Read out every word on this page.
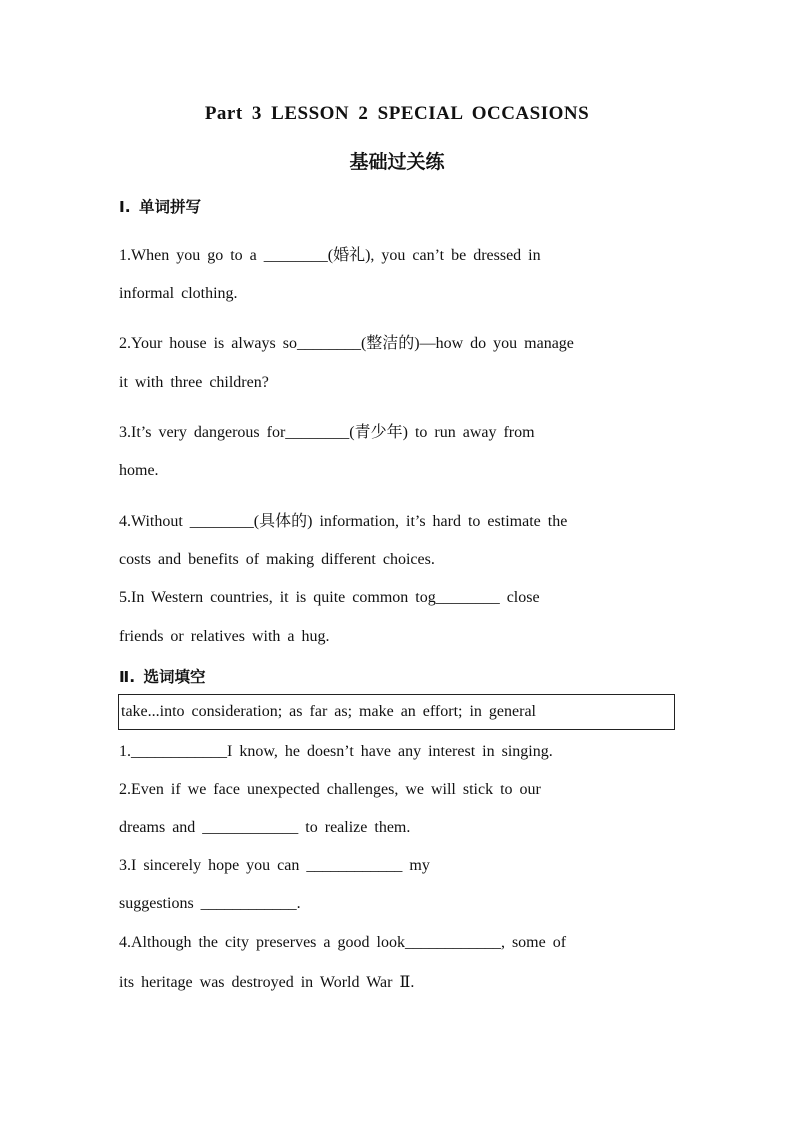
Part 3 LESSON 2 SPECIAL OCCASIONS
基础过关练
Ⅰ. 单词拼写
1.When you go to a ________(婚礼), you can’t be dressed in
informal clothing.
2.Your house is always so________(整洁的)—how do you manage
it with three children?
3.It’s very dangerous for________(青少年) to run away from
home.
4.Without ________(具体的) information, it’s hard to estimate the
costs and benefits of making different choices.
5.In Western countries, it is quite common tog________ close
friends or relatives with a hug.
Ⅱ. 选词填空
take...into consideration; as far as; make an effort; in general
1.____________I know, he doesn’t have any interest in singing.
2.Even if we face unexpected challenges, we will stick to our
dreams and ____________ to realize them.
3.I sincerely hope you can ____________ my
suggestions ____________.
4.Although the city preserves a good look____________, some of
its heritage was destroyed in World War Ⅱ.
